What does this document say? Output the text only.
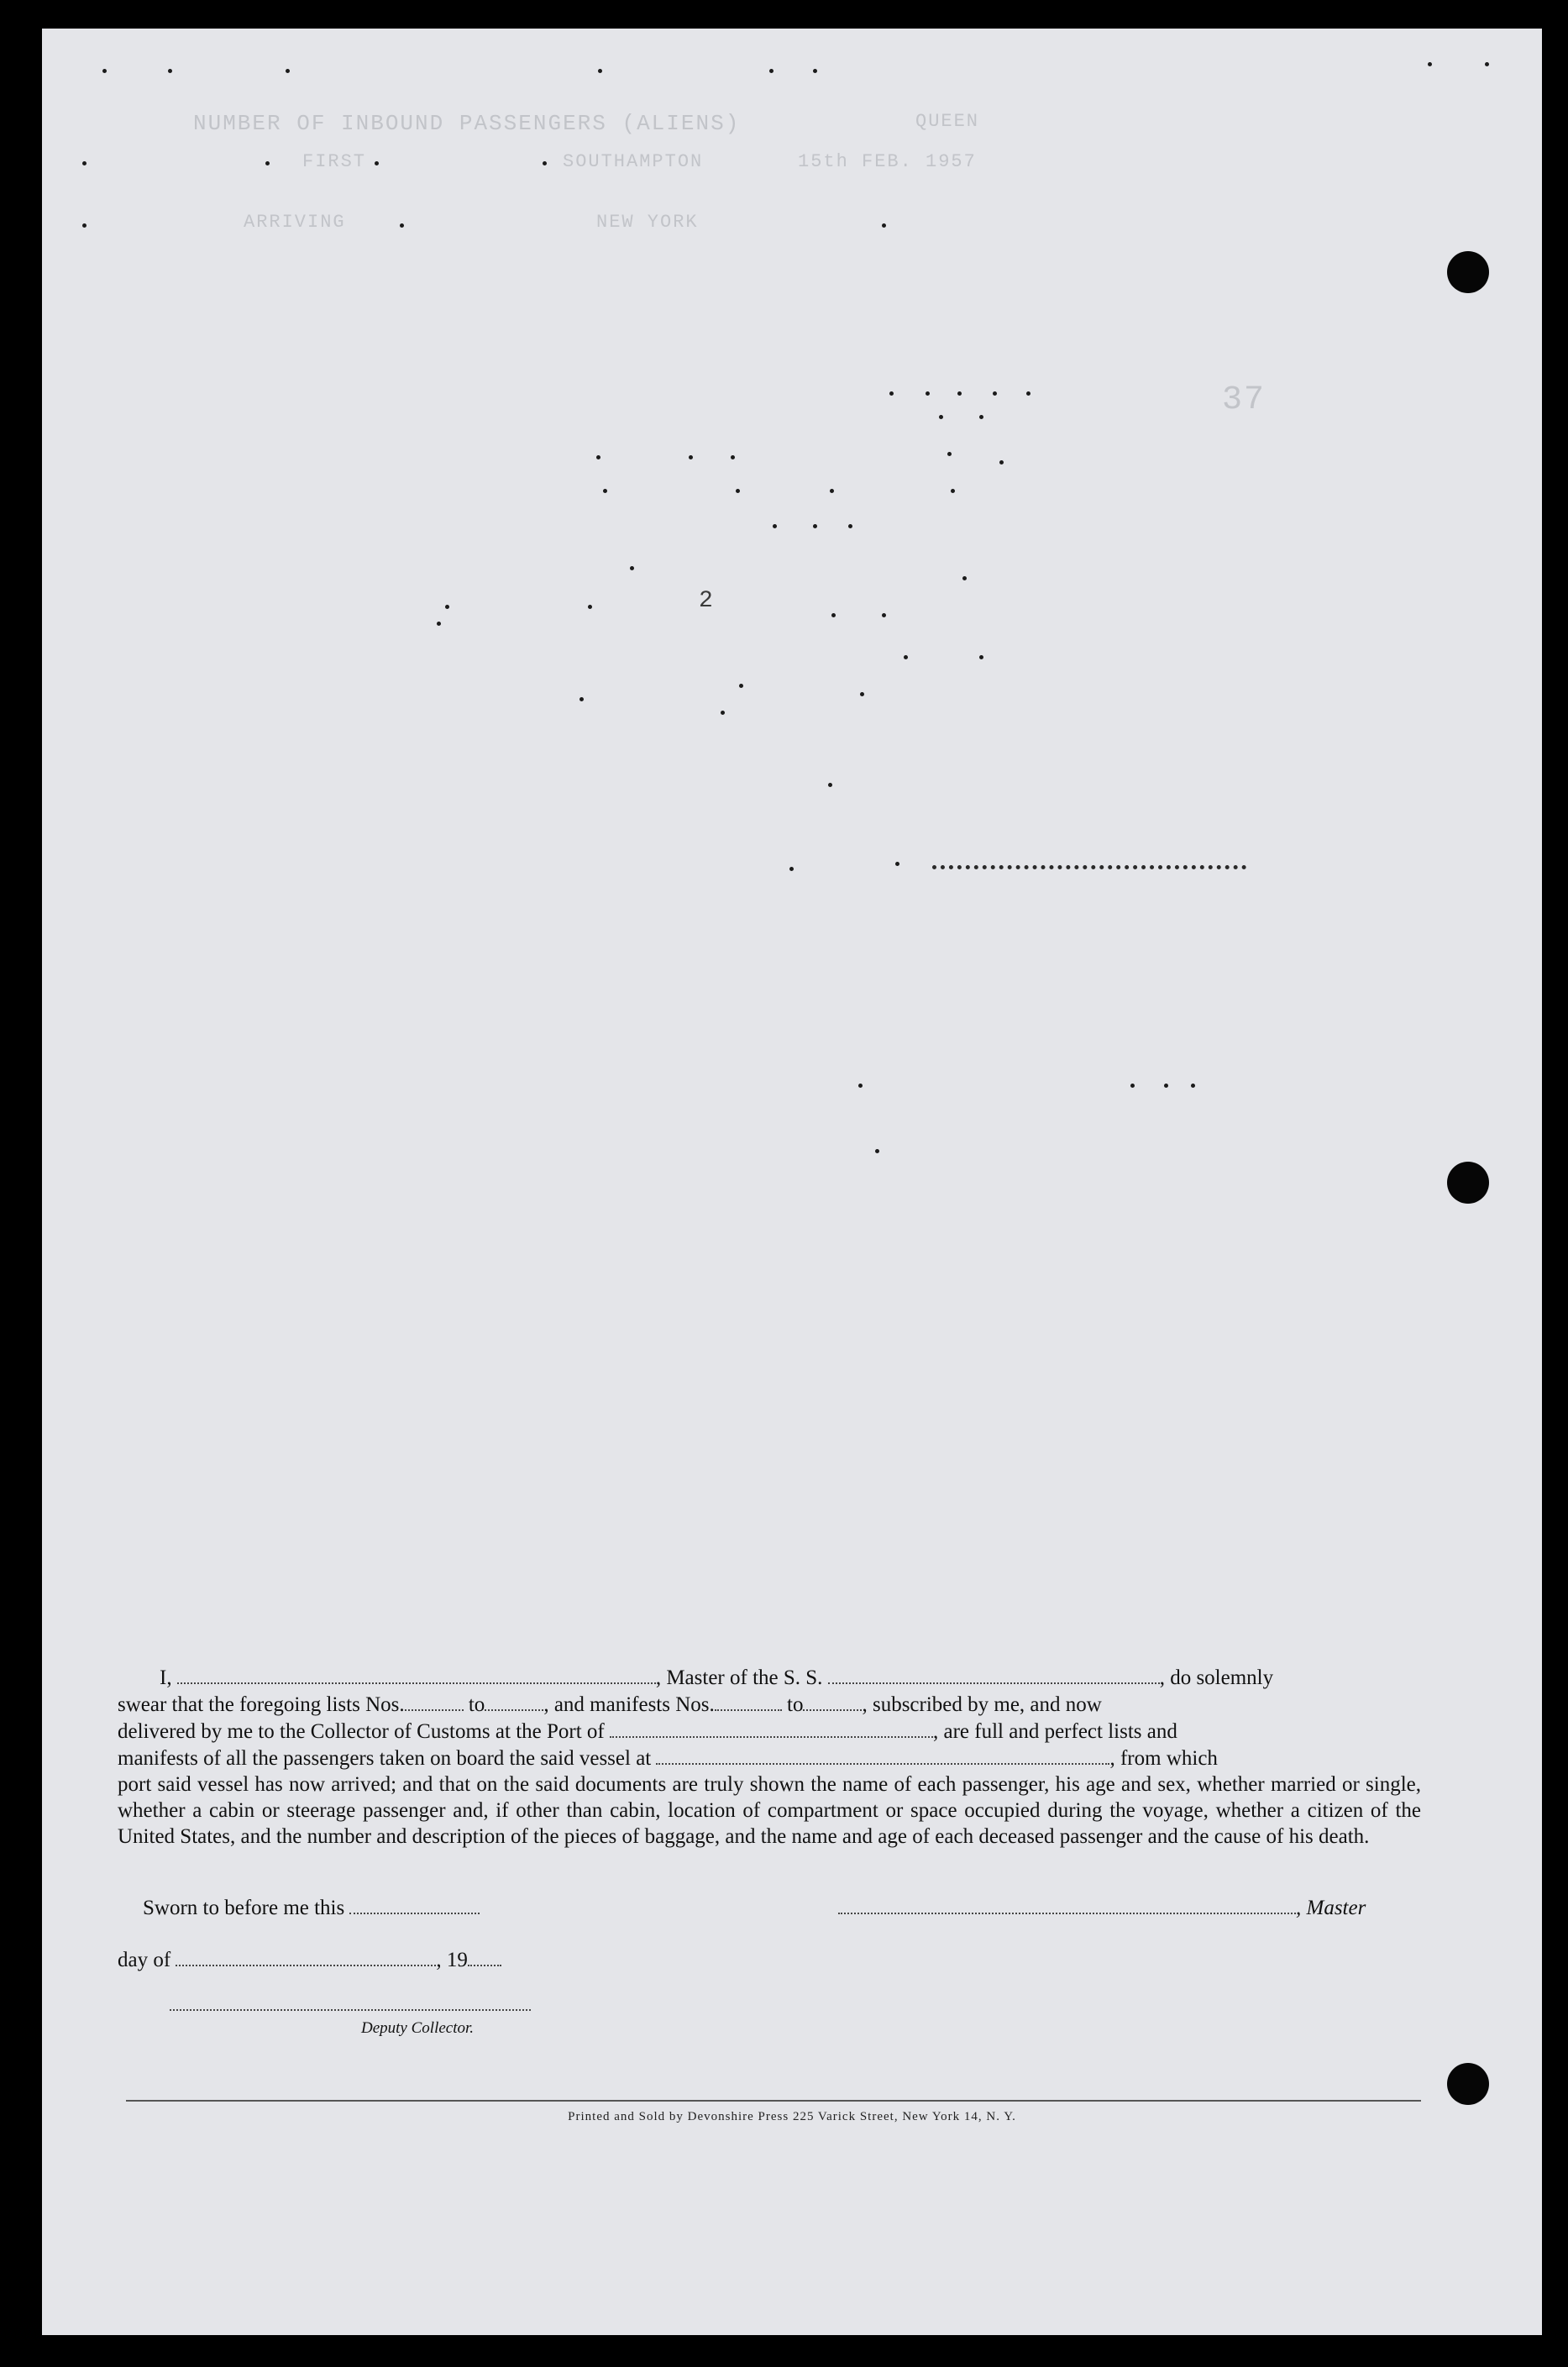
NUMBER OF INBOUND PASSENGERS (ALIENS)	QUEEN
FIRST	SOUTHAMPTON	15th FEB. 1957
NEW YORK
ARRIVING
37
2

I,	, Master of the S. S.	, do solemnly

swear that the foregoing lists Nos.	to	, and manifests Nos.	to	, subscribed by me, and now

delivered by me to the Collector of Customs at the Port of	, are full and perfect lists and

manifests of all the passengers taken on board the said vessel at	, from which

port said vessel has now arrived; and that on the said documents are truly shown the name of each passenger, his age and sex, whether married or single, whether a cabin or steerage passenger and, if other than cabin, location of compartment or space occupied during the voyage, whether a citizen of the United States, and the number and description of the pieces of baggage, and the name and age of each deceased passenger and the cause of his death.

Sworn to before me this	, Master
day of	, 19
Deputy Collector.
Printed and Sold by Devonshire Press 225 Varick Street, New York 14, N. Y.
